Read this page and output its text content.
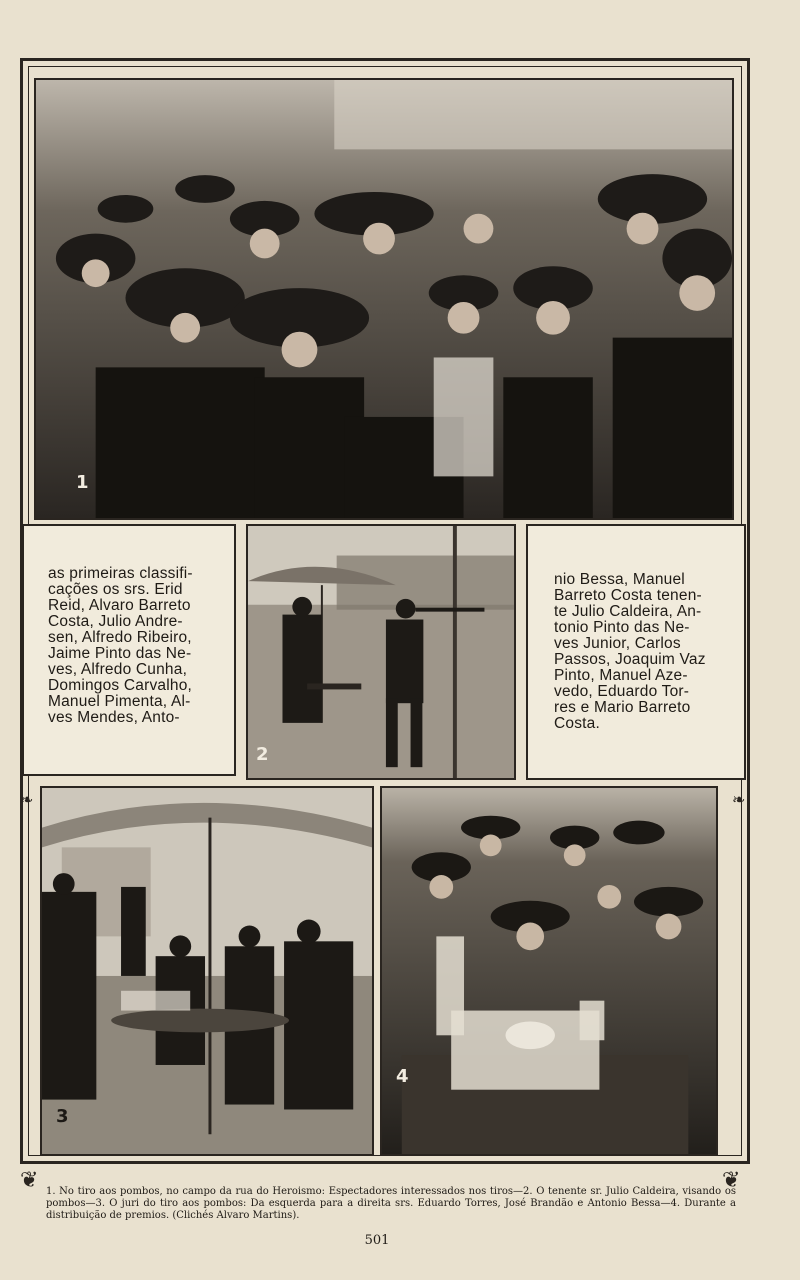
❦	❦
❧	❧
1
as primeiras classifi-
cações os srs. Erid
Reid, Alvaro Barreto
Costa, Julio Andre-
sen, Alfredo Ribeiro,
Jaime Pinto das Ne-
ves, Alfredo Cunha,
Domingos Carvalho,
Manuel Pimenta, Al-
ves Mendes, Anto-
2
nio Bessa, Manuel
Barreto Costa tenen-
te Julio Caldeira, An-
tonio Pinto das Ne-
ves Junior, Carlos
Passos, Joaquim Vaz
Pinto, Manuel Aze-
vedo, Eduardo Tor-
res e Mario Barreto
Costa.
3
4
1. No tiro aos pombos, no campo da rua do Heroismo: Espectadores interessados nos tiros—2. O tenente sr. Julio Caldeira, visando os pombos—3. O juri do tiro aos pombos: Da esquerda para a direita srs. Eduardo Torres, José Brandão e Antonio Bessa—4. Durante a distribuição de premios. (Clichés Alvaro Martins).
501
